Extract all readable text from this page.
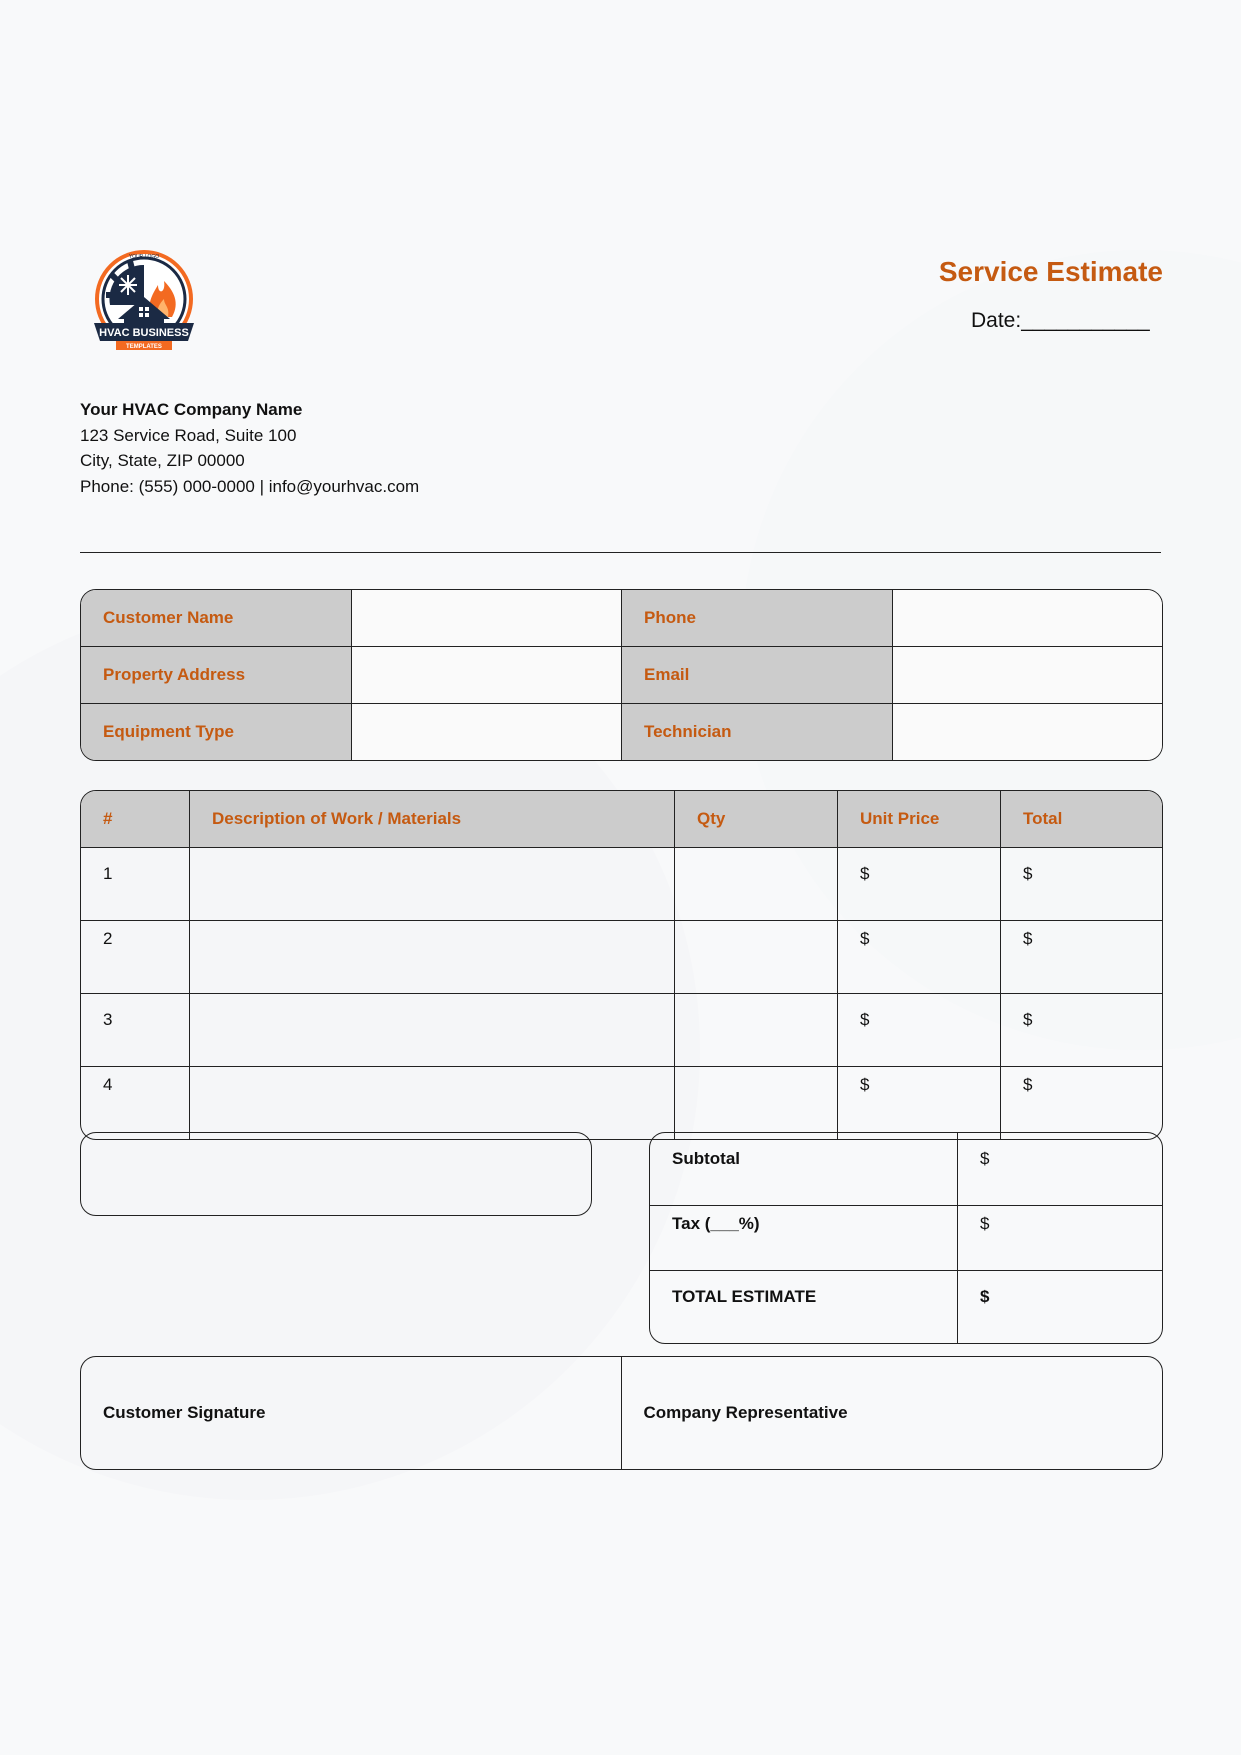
HVAC BUSINESS
TEMPLATES
YOUR LOGO	Service Estimate
Date:___________
Your HVAC Company Name
123 Service Road, Suite 100
City, State, ZIP 00000
Phone: (555) 000-0000 | info@yourhvac.com
Customer Name		Phone	
Property Address		Email	
Equipment Type		Technician	
#	Description of Work / Materials	Qty	Unit Price	Total
1			$	$
2			$	$
3			$	$
4			$	$
Subtotal	$
Tax (___%)	$
TOTAL ESTIMATE	$
Customer Signature	Company Representative
